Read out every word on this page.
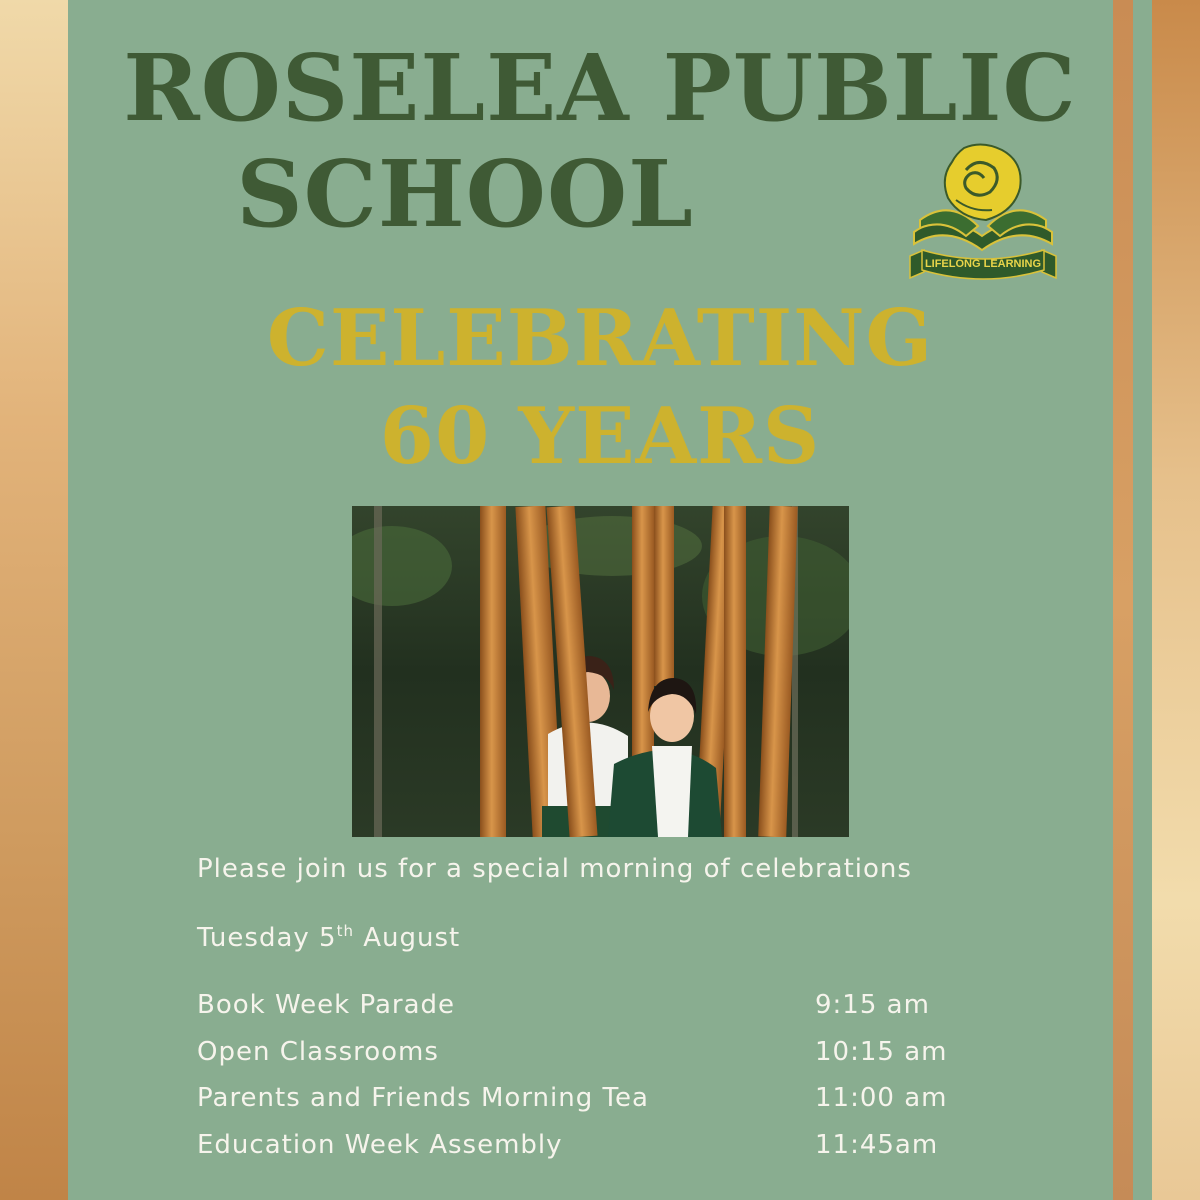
ROSELEA PUBLIC
SCHOOL
LIFELONG LEARNING
CELEBRATING
60 YEARS
Please join us for a special morning of celebrations
Tuesday 5th August
Book Week Parade	9:15 am
Open Classrooms	10:15 am
Parents and Friends Morning Tea	11:00 am
Education Week Assembly	11:45am
